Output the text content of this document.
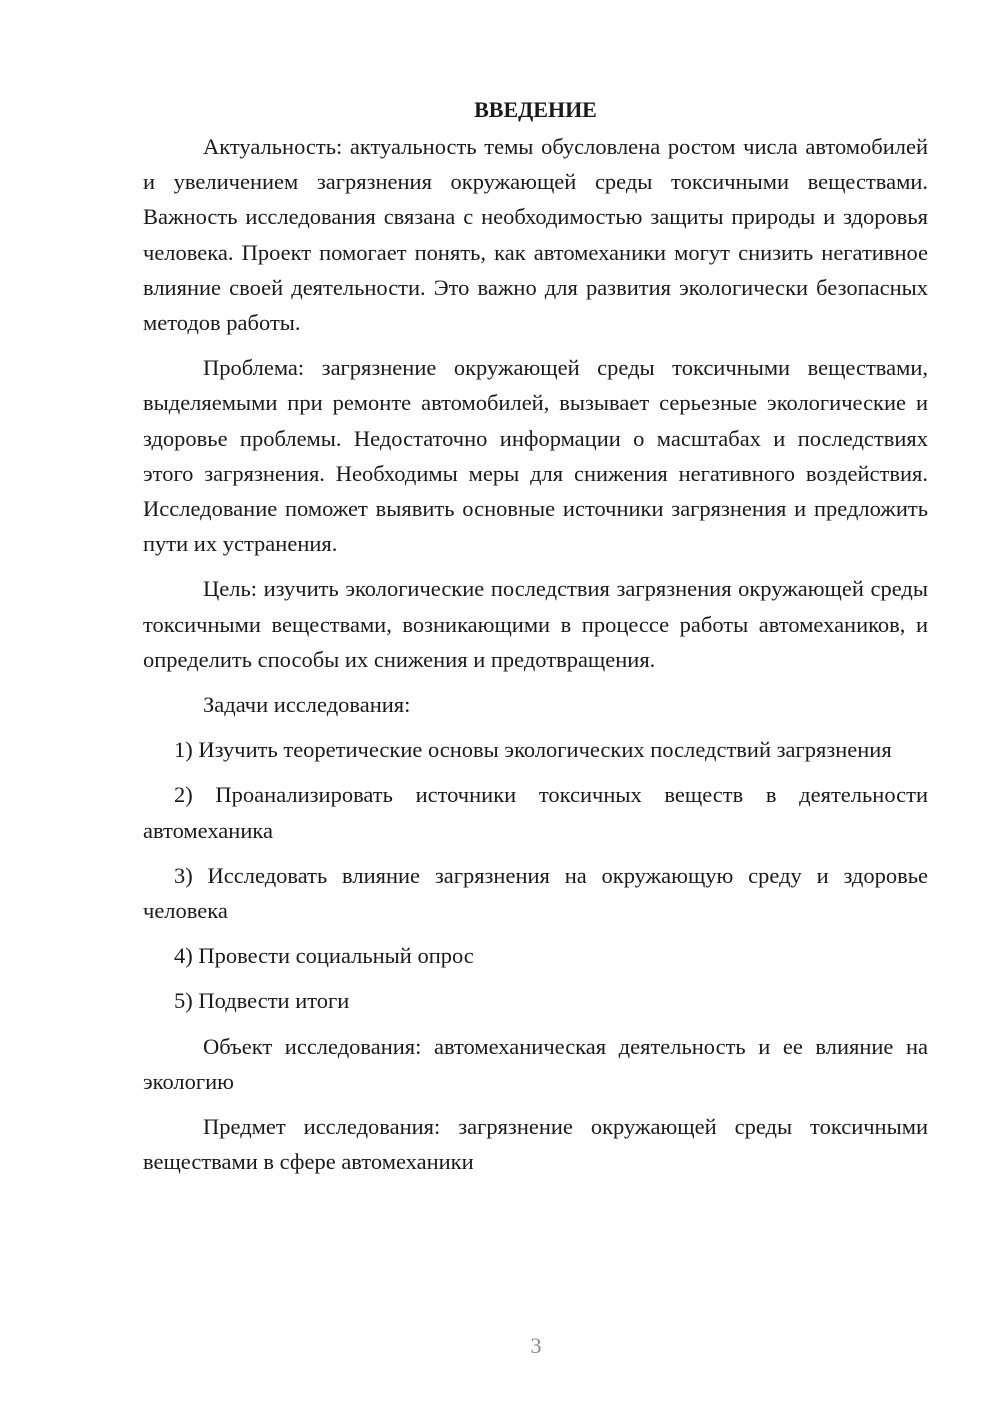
ВВЕДЕНИЕ

Актуальность: актуальность темы обусловлена ростом числа автомобилей и увеличением загрязнения окружающей среды токсичными веществами. Важность исследования связана с необходимостью защиты природы и здоровья человека. Проект помогает понять, как автомеханики могут снизить негативное влияние своей деятельности. Это важно для развития экологически безопасных методов работы.

Проблема: загрязнение окружающей среды токсичными веществами, выделяемыми при ремонте автомобилей, вызывает серьезные экологические и здоровье проблемы. Недостаточно информации о масштабах и последствиях этого загрязнения. Необходимы меры для снижения негативного воздействия. Исследование поможет выявить основные источники загрязнения и предложить пути их устранения.

Цель: изучить экологические последствия загрязнения окружающей среды токсичными веществами, возникающими в процессе работы автомехаников, и определить способы их снижения и предотвращения.

Задачи исследования:

1) Изучить теоретические основы экологических последствий загрязнения

2) Проанализировать источники токсичных веществ в деятельности автомеханика

3) Исследовать влияние загрязнения на окружающую среду и здоровье человека

4) Провести социальный опрос

5) Подвести итоги

Объект исследования: автомеханическая деятельность и ее влияние на экологию

Предмет исследования: загрязнение окружающей среды токсичными веществами в сфере автомеханики

3
